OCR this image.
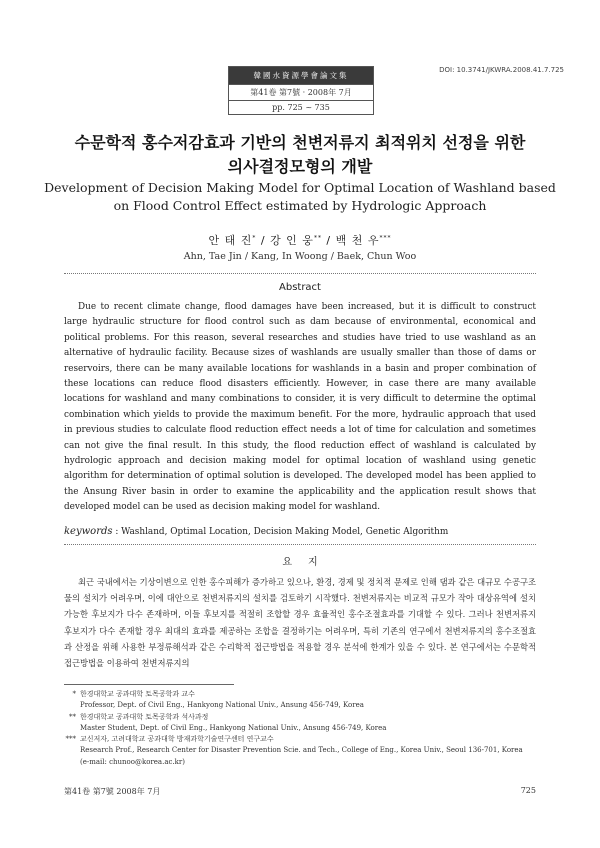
韓國水資源學會論文集
第41卷 第7號 · 2008年 7月
pp. 725 ~ 735
DOI: 10.3741/JKWRA.2008.41.7.725
수문학적 홍수저감효과 기반의 천변저류지 최적위치 선정을 위한
의사결정모형의 개발
Development of Decision Making Model for Optimal Location of Washland based
on Flood Control Effect estimated by Hydrologic Approach
안 태 진* / 강 인 웅** / 백 천 우***
Ahn, Tae Jin / Kang, In Woong / Baek, Chun Woo
Abstract

Due to recent climate change, flood damages have been increased, but it is difficult to construct large hydraulic structure for flood control such as dam because of environmental, economical and political problems. For this reason, several researches and studies have tried to use washland as an alternative of hydraulic facility. Because sizes of washlands are usually smaller than those of dams or reservoirs, there can be many available locations for washlands in a basin and proper combination of these locations can reduce flood disasters efficiently. However, in case there are many available locations for washland and many combinations to consider, it is very difficult to determine the optimal combination which yields to provide the maximum benefit. For the more, hydraulic approach that used in previous studies to calculate flood reduction effect needs a lot of time for calculation and sometimes can not give the final result. In this study, the flood reduction effect of washland is calculated by hydrologic approach and decision making model for optimal location of washland using genetic algorithm for determination of optimal solution is developed. The developed model has been applied to the Ansung River basin in order to examine the applicability and the application result shows that developed model can be used as decision making model for washland.

keywords : Washland, Optimal Location, Decision Making Model, Genetic Algorithm
요     지

최근 국내에서는 기상이변으로 인한 홍수피해가 증가하고 있으나, 환경, 경제 및 정치적 문제로 인해 댐과 같은 대규모 수공구조물의 설치가 어려우며, 이에 대안으로 천변저류지의 설치를 검토하기 시작했다. 천변저류지는 비교적 규모가 작아 대상유역에 설치가능한 후보지가 다수 존재하며, 이들 후보지를 적절히 조합할 경우 효율적인 홍수조절효과를 기대할 수 있다. 그러나 천변저류지 후보지가 다수 존재할 경우 최대의 효과를 제공하는 조합을 결정하기는 어려우며, 특히 기존의 연구에서 천변저류지의 홍수조절효과 산정을 위해 사용한 부정류해석과 같은 수리학적 접근방법을 적용할 경우 분석에 한계가 있을 수 있다. 본 연구에서는 수문학적 접근방법을 이용하여 천변저류지의

* 한경대학교 공과대학 토목공학과 교수
Professor, Dept. of Civil Eng., Hankyong National Univ., Ansung 456-749, Korea
** 한경대학교 공과대학 토목공학과 석사과정
Master Student, Dept. of Civil Eng., Hankyong National Univ., Ansung 456-749, Korea
*** 교신저자, 고려대학교 공과대학 방재과학기술연구센터 연구교수
Research Prof., Research Center for Disaster Prevention Scie. and Tech., College of Eng., Korea Univ., Seoul 136-701, Korea
(e-mail: chunoo@korea.ac.kr)
第41卷 第7號 2008年 7月	725
